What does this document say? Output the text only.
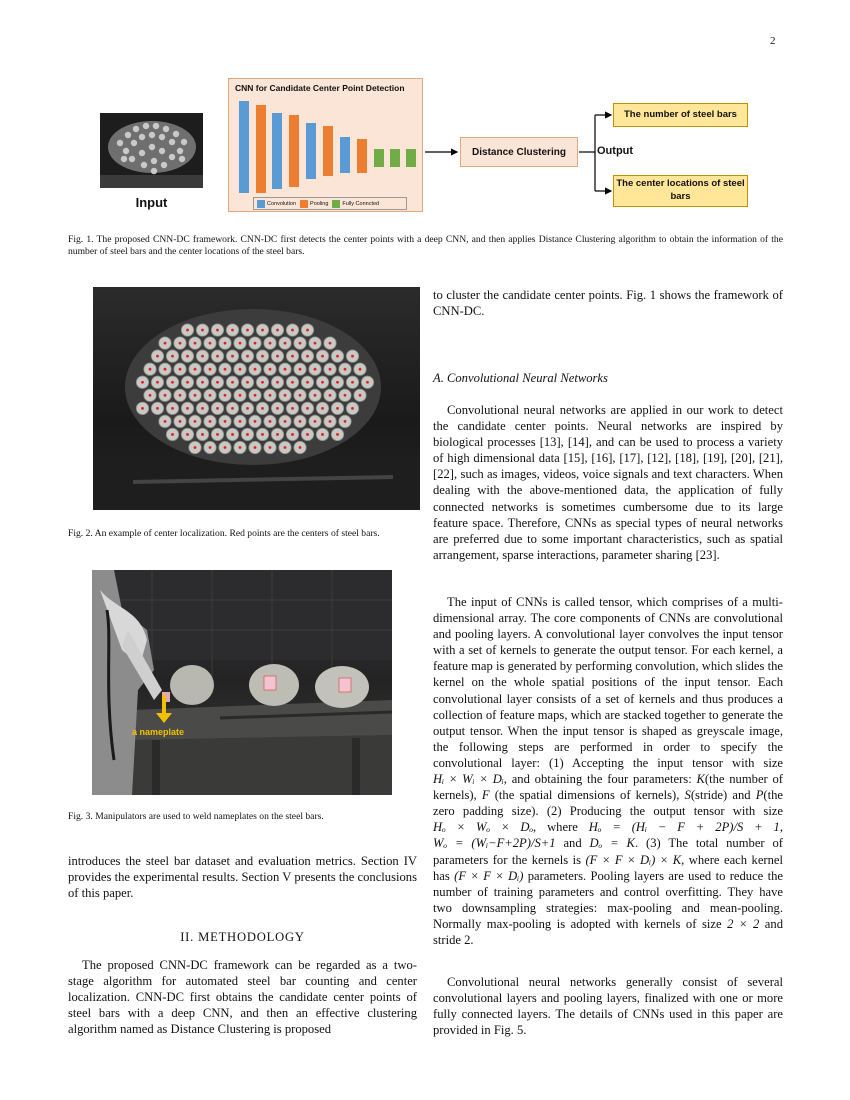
2
Input
CNN for Candidate Center Point Detection
Convolution	Pooling	Fully Conncted
Distance Clustering	Output
The number of steel bars
The center locations of steel bars
Fig. 1. The proposed CNN-DC framework. CNN-DC first detects the center points with a deep CNN, and then applies Distance Clustering algorithm to obtain the information of the number of steel bars and the center locations of the steel bars.
Fig. 2. An example of center localization. Red points are the centers of steel bars.
a nameplate
Fig. 3. Manipulators are used to weld nameplates on the steel bars.
introduces the steel bar dataset and evaluation metrics. Section IV provides the experimental results. Section V presents the conclusions of this paper.
II. METHODOLOGY

The proposed CNN-DC framework can be regarded as a two-stage algorithm for automated steel bar counting and center localization. CNN-DC first obtains the candidate center points of steel bars with a deep CNN, and then an effective clustering algorithm named as Distance Clustering is proposed

to cluster the candidate center points. Fig. 1 shows the framework of CNN-DC.
A. Convolutional Neural Networks

Convolutional neural networks are applied in our work to detect the candidate center points. Neural networks are inspired by biological processes [13], [14], and can be used to process a variety of high dimensional data [15], [16], [17], [12], [18], [19], [20], [21], [22], such as images, videos, voice signals and text characters. When dealing with the above-mentioned data, the application of fully connected networks is sometimes cumbersome due to its large feature space. Therefore, CNNs as special types of neural networks are preferred due to some important characteristics, such as spatial arrangement, sparse interactions, parameter sharing [23].

The input of CNNs is called tensor, which comprises of a multi-dimensional array. The core components of CNNs are convolutional and pooling layers. A convolutional layer convolves the input tensor with a set of kernels to generate the output tensor. For each kernel, a feature map is generated by performing convolution, which slides the kernel on the whole spatial positions of the input tensor. Each convolutional layer consists of a set of kernels and thus produces a collection of feature maps, which are stacked together to generate the output tensor. When the input tensor is shaped as greyscale image, the following steps are performed in order to specify the convolutional layer: (1) Accepting the input tensor with size Hᵢ × Wᵢ × Dᵢ, and obtaining the four parameters: K(the number of kernels), F (the spatial dimensions of kernels), S(stride) and P(the zero padding size). (2) Producing the output tensor with size Hₒ × Wₒ × Dₒ, where Hₒ = (Hᵢ − F + 2P)/S + 1, Wₒ = (Wᵢ−F+2P)/S+1 and Dₒ = K. (3) The total number of parameters for the kernels is (F × F × Dᵢ) × K, where each kernel has (F × F × Dᵢ) parameters. Pooling layers are used to reduce the number of training parameters and control overfitting. They have two downsampling strategies: max-pooling and mean-pooling. Normally max-pooling is adopted with kernels of size 2 × 2 and stride 2.

Convolutional neural networks generally consist of several convolutional layers and pooling layers, finalized with one or more fully connected layers. The details of CNNs used in this paper are provided in Fig. 5.
